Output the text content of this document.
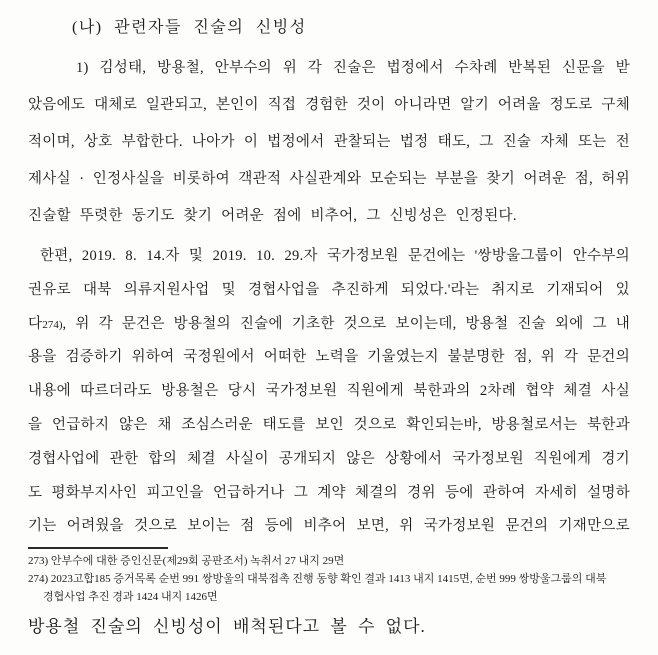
(나) 관련자들 진술의 신빙성
1) 김성태, 방용철, 안부수의 위 각 진술은 법정에서 수차례 반복된 신문을 받
았음에도 대체로 일관되고, 본인이 직접 경험한 것이 아니라면 알기 어려울 정도로 구체
적이며, 상호 부합한다. 나아가 이 법정에서 관찰되는 법정 태도, 그 진술 자체 또는 전
제사실 · 인정사실을 비롯하여 객관적 사실관계와 모순되는 부분을 찾기 어려운 점, 허위
진술할 뚜렷한 동기도 찾기 어려운 점에 비추어, 그 신빙성은 인정된다.
한편, 2019. 8. 14.자 및 2019. 10. 29.자 국가정보원 문건에는 '쌍방울그룹이 안수부의
권유로 대북 의류지원사업 및 경협사업을 추진하게 되었다.'라는 취지로 기재되어 있
다274), 위 각 문건은 방용철의 진술에 기초한 것으로 보이는데, 방용철 진술 외에 그 내
용을 검증하기 위하여 국정원에서 어떠한 노력을 기울였는지 불분명한 점, 위 각 문건의
내용에 따르더라도 방용철은 당시 국가정보원 직원에게 북한과의 2차례 협약 체결 사실
을 언급하지 않은 채 조심스러운 태도를 보인 것으로 확인되는바, 방용철로서는 북한과
경협사업에 관한 합의 체결 사실이 공개되지 않은 상황에서 국가정보원 직원에게 경기
도 평화부지사인 피고인을 언급하거나 그 계약 체결의 경위 등에 관하여 자세히 설명하
기는 어려웠을 것으로 보이는 점 등에 비추어 보면, 위 국가정보원 문건의 기재만으로
273) 안부수에 대한 증인신문(제29회 공판조서) 녹취서 27 내지 29면
274) 2023고합185 증거목록 순번 991 쌍방울의 대북접촉 진행 동향 확인 결과 1413 내지 1415면, 순번 999 쌍방울그룹의 대북
경협사업 추진 경과 1424 내지 1426면
방용철 진술의 신빙성이 배척된다고 볼 수 없다.
